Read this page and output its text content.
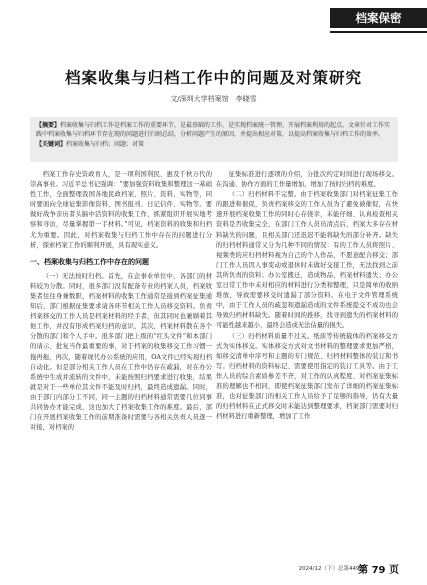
档案保密
档案收集与归档工作中的问题及对策研究
文/深圳大学档案馆　李晓雪
【摘要】档案收集与归档工作是档案工作的重要环节，是最基础的工作，是实现档案统一管理、开展档案利用的起点。文章针对工作实践中档案收集与归档环节存在现的问题进行归纳总结，分析问题产生的原因，并提出相应对策，以提高档案收集与归档工作的效率。
【关键词】档案收集与归档；问题；对策

档案工作存史资政育人，是一项利国利民、惠及千秋万代的崇高事业。习近平总书记强调：“要加强资料收集和整理这一基础性工作，全面整理我国各地民政档案、照片、资料、实物等，同时要面向全球征集影像资料、图书报刊、日记信件、实物等。要做好战争亲历者头脑中活资料的收集工作，抓紧组织开展实地考察和寻访，尽量掌握第一手材料。”可见，档案资料的收集和归档尤为重要。因此，对档案收集与归档工作中存在的问题进行分析，探索档案工作的顺利开展，具有现实意义。

一、档案收集与归档工作中存在的问题

（一）无法按时归档。首先，在企事业单位中，各部门的材料较为分散。同时，很多部门没有配备专业的档案人员，档案收集者往往身兼数职，档案材料的收集工作通常是接到档案征集通知后，部门根据征集要求请各环节相关工作人员移交资料。负责档案移交的工作人员是档案材料的经手者，但其同时也兼顾着其他工作，并没有形成档案归档的意识，其次，档案材料散在各个分散的部门和个人手中。很多部门把上级的“红头文件”和本部门的请示、批复当作最重要的事，对于档案的收集移交工作习惯一拖再拖，再次，随着现代办公系统的应用，OA文件已经实现归档自动化。但是部分相关工作人员在工作中仍存在疏漏，对在办公系统中生成并流转的文件中，未能按照归档要求进行收集，结果就是对于一些单位其文件不能及时归档，最终造成遗漏。同时，由于部门内部分工不同，同一主题的归档材料通常需要几位同事共同协办才能完成，这也加大了档案收集工作的难度。最后，部门在开展档案收集工作的前期准备时需要与各相关负责人员逐一对接，对档案的

征集标准进行逐项的介绍，分批次约定时间进行现场移交。在沟通、协作方面的工作量增加，增加了按时归档的难度。

（二）归档材料不完整。由于档案收集部门对档案征集工作的跟进和催促，负责档案移交的工作人员为了避免被催促，在快速开展档案收集工作的同时心存侥幸，未能仔细、认真检查相关资料是否收集完全，在部门工作人员员清点后，档案大多存在材料缺失的问题，且相关部门还迟迟不能将缺失的部分补齐。缺失的归档材料通常又分为几种不同的情况：有的工作人员将照片、视频类的应归档材料视为自己的个人作品，不愿意配合移交；部门工作人员因人事变动或退休时未做好交接工作，无法找到之前其所负责的资料；办公室搬迁，造成物品、档案材料遗失；办公室日常工作中未对相应的材料进行分类和整理，只是简单的收纳堆放，导致需要移交时遗漏了部分资料。在电子文件管理系统中，由于工作人员的疏忽和遗漏造成的文件系统提交不成功也会导致归档材料缺失。随着时间的推移，找寻到遗失的档案材料的可能性越来越小，最终会造成无法估量的损失。

（三）归档材料质量不过关。纸质等传统载体的档案移交方式为实体移交。实体移交方式对文书材料的整理要求更加严格，如移交清单中序号和主题的专门规范、归档材料整体的装订和书写。归档材料的资料标记、需要使用指定的装订工具等。由于工作人员的综合素质参差不齐，对工作的认真程度、对档案征集标准的理解也不相同，即使档案征集部门发布了详细的档案征集标准，也对征集部门的相关工作人员给予了足够的指导，仍有大量的归档材料在正式移交时未能达到整理要求，档案部门需要对归档材料进行重新整理，增加了工作

2024/12（下）总第449期
第 79 页
